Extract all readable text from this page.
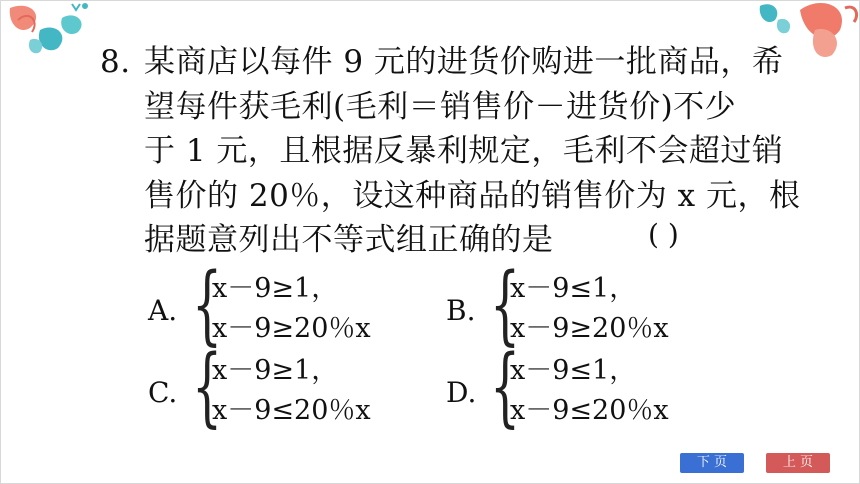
8. 某商店以每件 9 元的进货价购进一批商品，希
望每件获毛利(毛利＝销售价－进货价)不少
于 1 元，且根据反暴利规定，毛利不会超过销
售价的 20％，设这种商品的销售价为 x 元，根
据题意列出不等式组正确的是	( )
A. {
x－9≥1，
x－9≥20％x
B. {
x－9≤1，
x－9≥20％x
C. {
x－9≥1，
x－9≤20％x
D. {
x－9≤1，
x－9≤20％x
下 页	上 页
